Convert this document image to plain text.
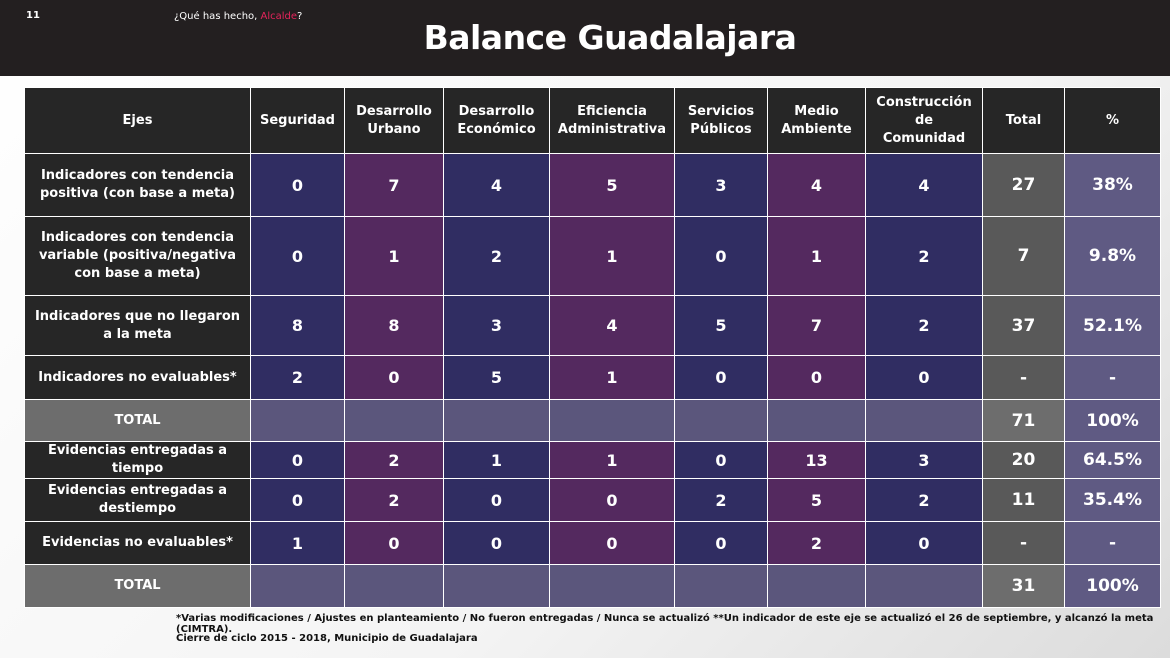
11	¿Qué has hecho, Alcalde?
Balance Guadalajara
Ejes	Seguridad	Desarrollo Urbano	Desarrollo Económico	Eficiencia Administrativa	Servicios Públicos	Medio Ambiente	Construcción de Comunidad	Total	%
Indicadores con tendencia positiva (con base a meta)	0	7	4	5	3	4	4	27	38%
Indicadores con tendencia variable (positiva/negativa con base a meta)	0	1	2	1	0	1	2	7	9.8%
Indicadores que no llegaron a la meta	8	8	3	4	5	7	2	37	52.1%
Indicadores no evaluables*	2	0	5	1	0	0	0	-	-
TOTAL								71	100%
Evidencias entregadas a tiempo	0	2	1	1	0	13	3	20	64.5%
Evidencias entregadas a destiempo	0	2	0	0	2	5	2	11	35.4%
Evidencias no evaluables*	1	0	0	0	0	2	0	-	-
TOTAL								31	100%
*Varias modificaciones / Ajustes en planteamiento / No fueron entregadas / Nunca se actualizó **Un indicador de este eje se actualizó el 26 de septiembre, y alcanzó la meta (CIMTRA).
Cierre de ciclo 2015 - 2018, Municipio de Guadalajara
